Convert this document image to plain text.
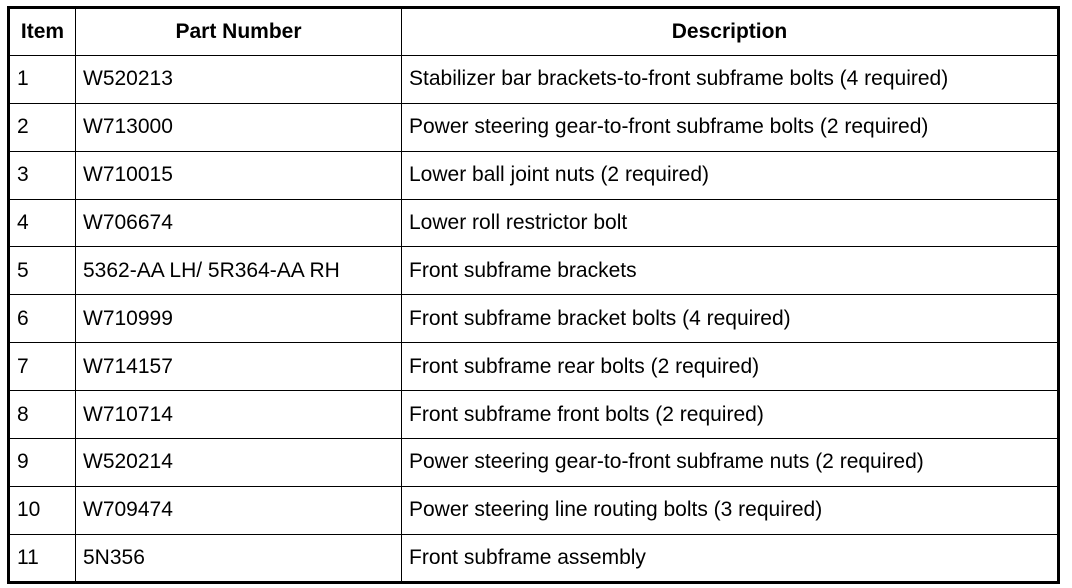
Item	Part Number	Description
1	W520213	Stabilizer bar brackets-to-front subframe bolts (4 required)
2	W713000	Power steering gear-to-front subframe bolts (2 required)
3	W710015	Lower ball joint nuts (2 required)
4	W706674	Lower roll restrictor bolt
5	5362-AA LH/ 5R364-AA RH	Front subframe brackets
6	W710999	Front subframe bracket bolts (4 required)
7	W714157	Front subframe rear bolts (2 required)
8	W710714	Front subframe front bolts (2 required)
9	W520214	Power steering gear-to-front subframe nuts (2 required)
10	W709474	Power steering line routing bolts (3 required)
11	5N356	Front subframe assembly
